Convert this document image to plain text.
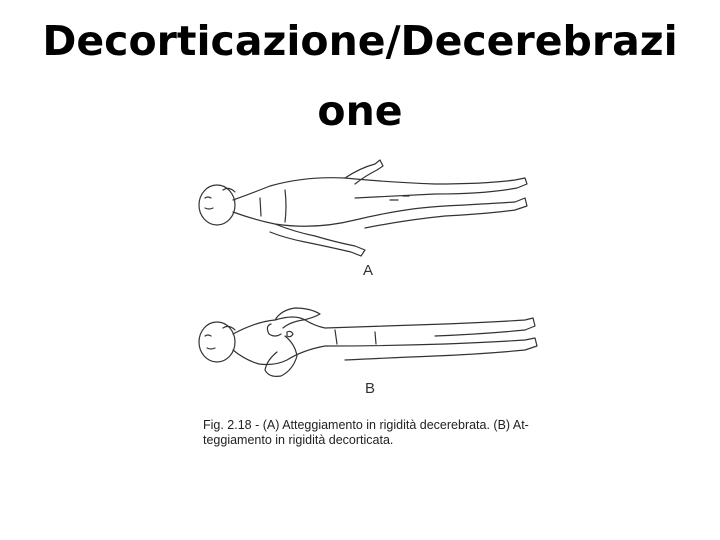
Decorticazione/Decerebrazione
A
B
Fig. 2.18 - (A) Atteggiamento in rigidità decerebrata. (B) At-
teggiamento in rigidità decorticata.
